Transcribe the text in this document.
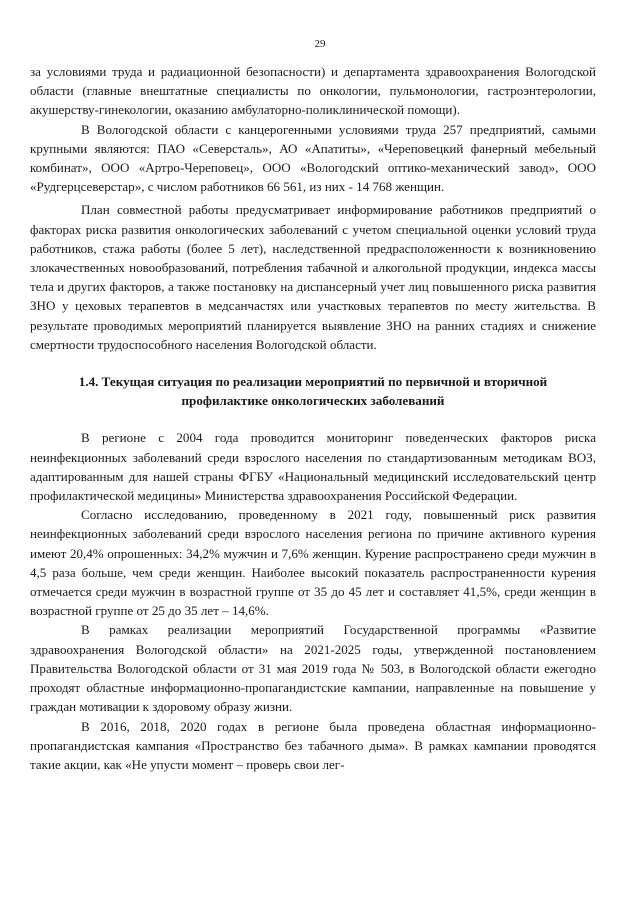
29

за условиями труда и радиационной безопасности) и департамента здравоохранения Вологодской области (главные внештатные специалисты по онкологии, пульмонологии, гастроэнтерологии, акушерству-гинекологии, оказанию амбулаторно-поликлинической помощи).

В Вологодской области с канцерогенными условиями труда 257 предприятий, самыми крупными являются: ПАО «Северсталь», АО «Апатиты», «Череповецкий фанерный мебельный комбинат», ООО «Артро-Череповец», ООО «Вологодский оптико-механический завод», ООО «Рудгерцсеверстар», с числом работников 66 561, из них - 14 768 женщин.

План совместной работы предусматривает информирование работников предприятий о факторах риска развития онкологических заболеваний с учетом специальной оценки условий труда работников, стажа работы (более 5 лет), наследственной предрасположенности к возникновению злокачественных новообразований, потребления табачной и алкогольной продукции, индекса массы тела и других факторов, а также постановку на диспансерный учет лиц повышенного риска развития ЗНО у цеховых терапевтов в медсанчастях или участковых терапевтов по месту жительства. В результате проводимых мероприятий планируется выявление ЗНО на ранних стадиях и снижение смертности трудоспособного населения Вологодской области.

1.4. Текущая ситуация по реализации мероприятий по первичной и вторичной профилактике онкологических заболеваний

В регионе с 2004 года проводится мониторинг поведенческих факторов риска неинфекционных заболеваний среди взрослого населения по стандартизованным методикам ВОЗ, адаптированным для нашей страны ФГБУ «Национальный медицинский исследовательский центр профилактической медицины» Министерства здравоохранения Российской Федерации.

Согласно исследованию, проведенному в 2021 году, повышенный риск развития неинфекционных заболеваний среди взрослого населения региона по причине активного курения имеют 20,4% опрошенных: 34,2% мужчин и 7,6% женщин. Курение распространено среди мужчин в 4,5 раза больше, чем среди женщин. Наиболее высокий показатель распространенности курения отмечается среди мужчин в возрастной группе от 35 до 45 лет и составляет 41,5%, среди женщин в возрастной группе от 25 до 35 лет – 14,6%.

В рамках реализации мероприятий Государственной программы «Развитие здравоохранения Вологодской области» на 2021-2025 годы, утвержденной постановлением Правительства Вологодской области от 31 мая 2019 года № 503, в Вологодской области ежегодно проходят областные информационно-пропагандистские кампании, направленные на повышение у граждан мотивации к здоровому образу жизни.

В 2016, 2018, 2020 годах в регионе была проведена областная информационно-пропагандистская кампания «Пространство без табачного дыма». В рамках кампании проводятся такие акции, как «Не упусти момент – проверь свои лег-
